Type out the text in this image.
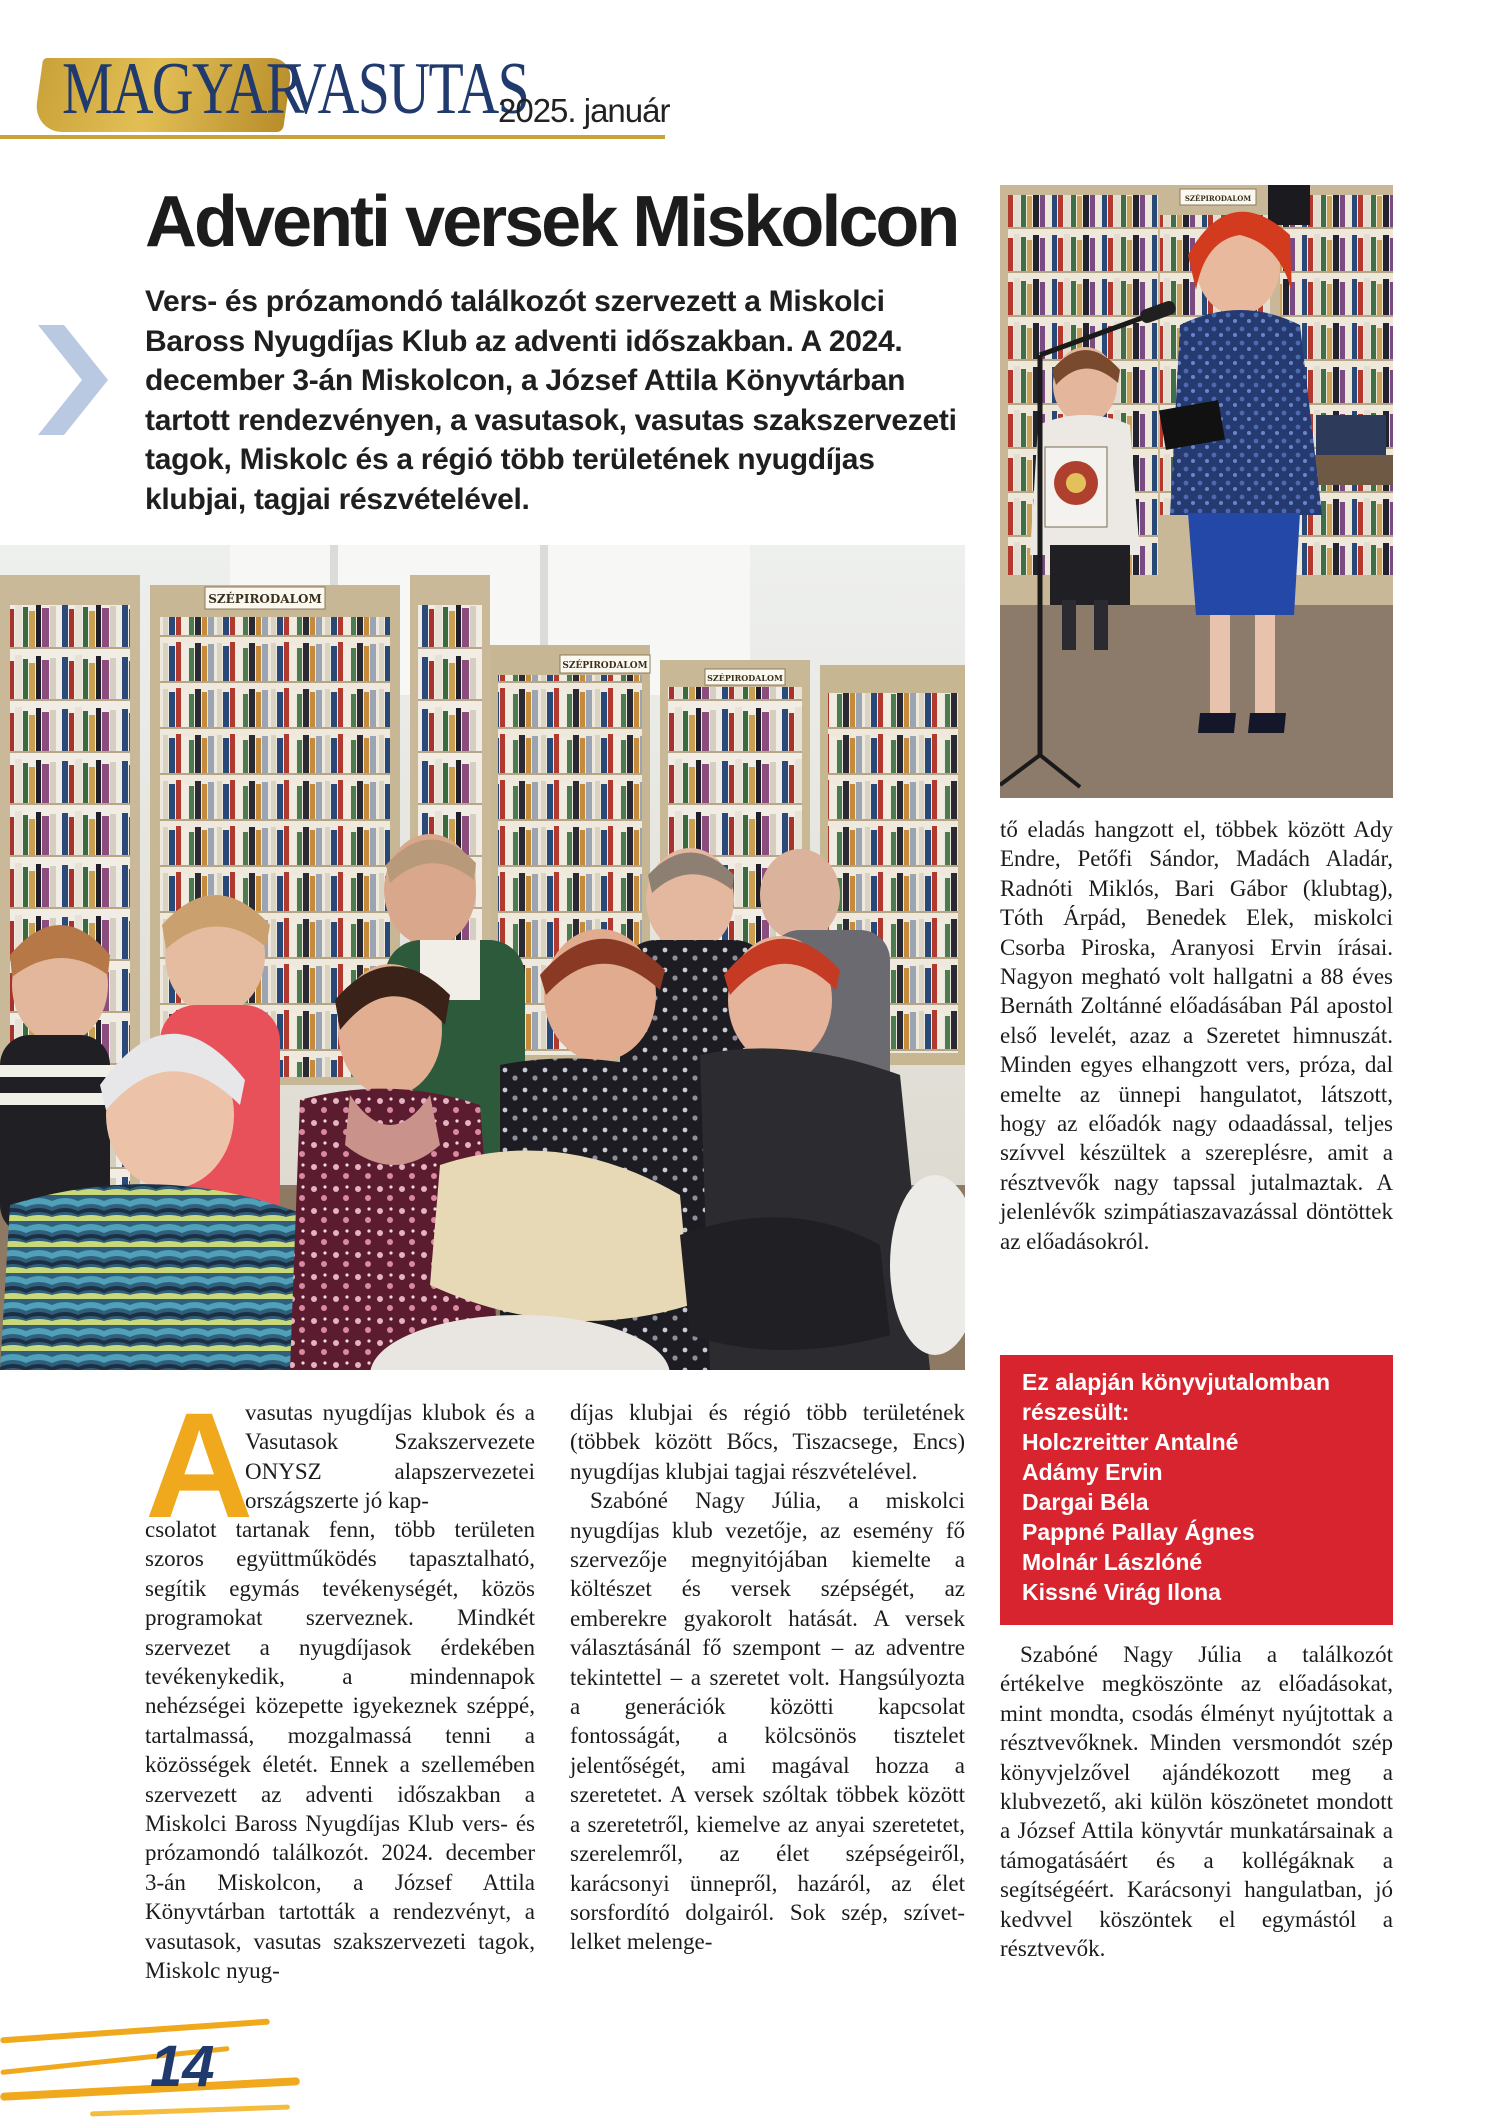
MAGYAR
VASUTAS
2025. január
Adventi versek Miskolcon
Vers- és prózamondó találkozót szervezett a Miskolci Baross Nyugdíjas Klub az adventi időszakban. A 2024. december 3-án Miskolcon, a József Attila Könyvtárban tartott rendezvényen, a vasutasok, vasutas szakszervezeti tagok, Miskolc és a régió több területének nyugdíjas klubjai, tagjai részvételével.
SZÉPIRODALOM
SZÉPIRODALOM
SZÉPIRODALOM
SZÉPIRODALOM
A

vasutas nyugdíjas klubok és a Vasutasok Szakszervezete ONYSZ alapszervezetei országszerte jó kap-

csolatot tartanak fenn, több területen szoros együttműködés tapasztalható, segítik egymás tevékenységét, közös programokat szerveznek. Mindkét szervezet a nyugdíjasok érdekében tevékenykedik, a mindennapok nehézségei közepette igyekeznek széppé, tartalmassá, mozgalmassá tenni a közösségek életét. Ennek a szellemében szervezett az adventi időszakban a Miskolci Baross Nyugdíjas Klub vers- és prózamondó találkozót. 2024. december 3-án Miskolcon, a József Attila Könyvtárban tartották a rendezvényt, a vasutasok, vasutas szakszervezeti tagok, Miskolc nyug-

díjas klubjai és régió több területének (többek között Bőcs, Tiszacsege, Encs) nyugdíjas klubjai tagjai részvételével.

Szabóné Nagy Júlia, a miskolci nyugdíjas klub vezetője, az esemény fő szervezője megnyitójában kiemelte a költészet és versek szépségét, az emberekre gyakorolt hatását. A versek választásánál fő szempont – az adventre tekintettel – a szeretet volt. Hangsúlyozta a generációk közötti kapcsolat fontosságát, a kölcsönös tisztelet jelentőségét, ami magával hozza a szeretetet. A versek szóltak többek között a szeretetről, kiemelve az anyai szeretetet, szerelemről, az élet szépségeiről, karácsonyi ünnepről, hazáról, az élet sorsfordító dolgairól. Sok szép, szívet-lelket melenge-

tő eladás hangzott el, többek között Ady Endre, Petőfi Sándor, Madách Aladár, Radnóti Miklós, Bari Gábor (klubtag), Tóth Árpád, Benedek Elek, miskolci Csorba Piroska, Aranyosi Ervin írásai. Nagyon megható volt hallgatni a 88 éves Bernáth Zoltánné előadásában Pál apostol első levelét, azaz a Szeretet himnuszát. Minden egyes elhangzott vers, próza, dal emelte az ünnepi hangulatot, látszott, hogy az előadók nagy odaadással, teljes szívvel készültek a szereplésre, amit a résztvevők nagy tapssal jutalmaztak. A jelenlévők szimpátiaszavazással döntöttek az előadásokról.

Ez alapján könyvjutalomban részesült:
Holczreitter Antalné
Adámy Ervin
Dargai Béla
Pappné Pallay Ágnes
Molnár Lászlóné
Kissné Virág Ilona

Szabóné Nagy Júlia a találkozót értékelve megköszönte az előadásokat, mint mondta, csodás élményt nyújtottak a résztvevőknek. Minden versmondót szép könyvjelzővel ajándékozott meg a klubvezető, aki külön köszönetet mondott a József Attila könyvtár munkatársainak a támogatásáért és a kollégáknak a segítségéért. Karácsonyi hangulatban, jó kedvvel köszöntek el egymástól a résztvevők.

14
